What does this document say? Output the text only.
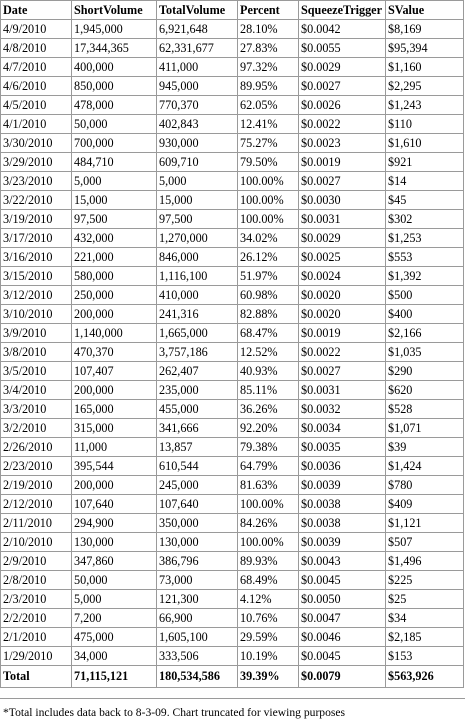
Date	ShortVolume	TotalVolume	Percent	SqueezeTrigger	SValue
4/9/2010	1,945,000	6,921,648	28.10%	$0.0042	$8,169
4/8/2010	17,344,365	62,331,677	27.83%	$0.0055	$95,394
4/7/2010	400,000	411,000	97.32%	$0.0029	$1,160
4/6/2010	850,000	945,000	89.95%	$0.0027	$2,295
4/5/2010	478,000	770,370	62.05%	$0.0026	$1,243
4/1/2010	50,000	402,843	12.41%	$0.0022	$110
3/30/2010	700,000	930,000	75.27%	$0.0023	$1,610
3/29/2010	484,710	609,710	79.50%	$0.0019	$921
3/23/2010	5,000	5,000	100.00%	$0.0027	$14
3/22/2010	15,000	15,000	100.00%	$0.0030	$45
3/19/2010	97,500	97,500	100.00%	$0.0031	$302
3/17/2010	432,000	1,270,000	34.02%	$0.0029	$1,253
3/16/2010	221,000	846,000	26.12%	$0.0025	$553
3/15/2010	580,000	1,116,100	51.97%	$0.0024	$1,392
3/12/2010	250,000	410,000	60.98%	$0.0020	$500
3/10/2010	200,000	241,316	82.88%	$0.0020	$400
3/9/2010	1,140,000	1,665,000	68.47%	$0.0019	$2,166
3/8/2010	470,370	3,757,186	12.52%	$0.0022	$1,035
3/5/2010	107,407	262,407	40.93%	$0.0027	$290
3/4/2010	200,000	235,000	85.11%	$0.0031	$620
3/3/2010	165,000	455,000	36.26%	$0.0032	$528
3/2/2010	315,000	341,666	92.20%	$0.0034	$1,071
2/26/2010	11,000	13,857	79.38%	$0.0035	$39
2/23/2010	395,544	610,544	64.79%	$0.0036	$1,424
2/19/2010	200,000	245,000	81.63%	$0.0039	$780
2/12/2010	107,640	107,640	100.00%	$0.0038	$409
2/11/2010	294,900	350,000	84.26%	$0.0038	$1,121
2/10/2010	130,000	130,000	100.00%	$0.0039	$507
2/9/2010	347,860	386,796	89.93%	$0.0043	$1,496
2/8/2010	50,000	73,000	68.49%	$0.0045	$225
2/3/2010	5,000	121,300	4.12%	$0.0050	$25
2/2/2010	7,200	66,900	10.76%	$0.0047	$34
2/1/2010	475,000	1,605,100	29.59%	$0.0046	$2,185
1/29/2010	34,000	333,506	10.19%	$0.0045	$153
Total	71,115,121	180,534,586	39.39%	$0.0079	$563,926
*Total includes data back to 8-3-09. Chart truncated for viewing purposes
